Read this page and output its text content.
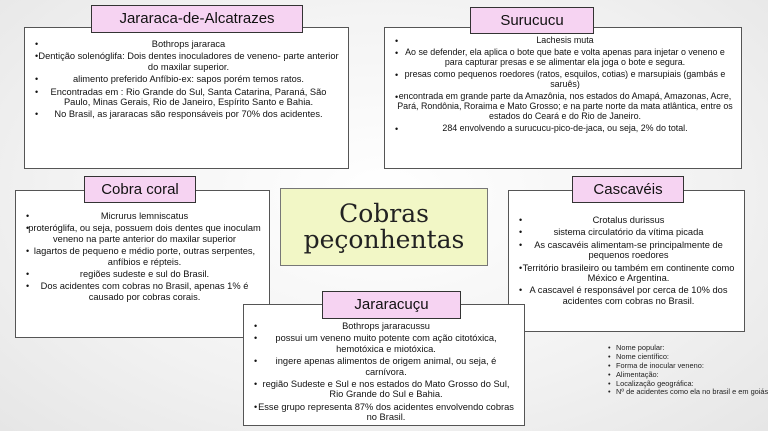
• Bothrops jararaca
• Dentição solenóglifa: Dois dentes inoculadores de veneno- parte anterior do maxilar superior.
• alimento preferido Anfíbio-ex: sapos porém temos ratos.
• Encontradas em : Rio Grande do Sul, Santa Catarina, Paraná, São Paulo, Minas Gerais, Rio de Janeiro, Espírito Santo e Bahia.
• No Brasil, as jararacas são responsáveis por 70% dos acidentes.
Jararaca-de-Alcatrazes
• Lachesis muta
• Ao se defender, ela aplica o bote que bate e volta apenas para injetar o veneno e para capturar presas e se alimentar ela joga o bote e segura.
• presas como pequenos roedores (ratos, esquilos, cotias) e marsupiais (gambás e saruês)
• encontrada em grande parte da Amazônia, nos estados do Amapá, Amazonas, Acre, Pará, Rondônia, Roraima e Mato Grosso; e na parte norte da mata atlântica, entre os estados do Ceará e do Rio de Janeiro.
• 284 envolvendo a surucucu-pico-de-jaca, ou seja, 2% do total.
Surucucu
• Micrurus lemniscatus
• proteróglifa, ou seja, possuem dois dentes que inoculam veneno na parte anterior do maxilar superior
• lagartos de pequeno e médio porte, outras serpentes, anfíbios e répteis.
• regiões sudeste e sul do Brasil.
• Dos acidentes com cobras no Brasil, apenas 1% é causado por cobras corais.
Cobra coral
Cobras peçonhentas
• Crotalus durissus
• sistema circulatório da vítima picada
• As cascavéis alimentam-se principalmente de pequenos roedores
• Território brasileiro ou também em continente como México e Argentina.
• A cascavel é responsável por cerca de 10% dos acidentes com cobras no Brasil.
Cascavéis
• Bothrops jararacussu
• possui um veneno muito potente com ação citotóxica, hemotóxica e miotóxica.
• ingere apenas alimentos de origem animal, ou seja, é carnívora.
• região Sudeste e Sul e nos estados do Mato Grosso do Sul, Rio Grande do Sul e Bahia.
• Esse grupo representa 87% dos acidentes envolvendo cobras no Brasil.
Jararacuçu
• Nome popular:
• Nome científico:
• Forma de inocular veneno:
• Alimentação:
• Localização geográfica:
• Nº de acidentes como ela no brasil e em goiás
